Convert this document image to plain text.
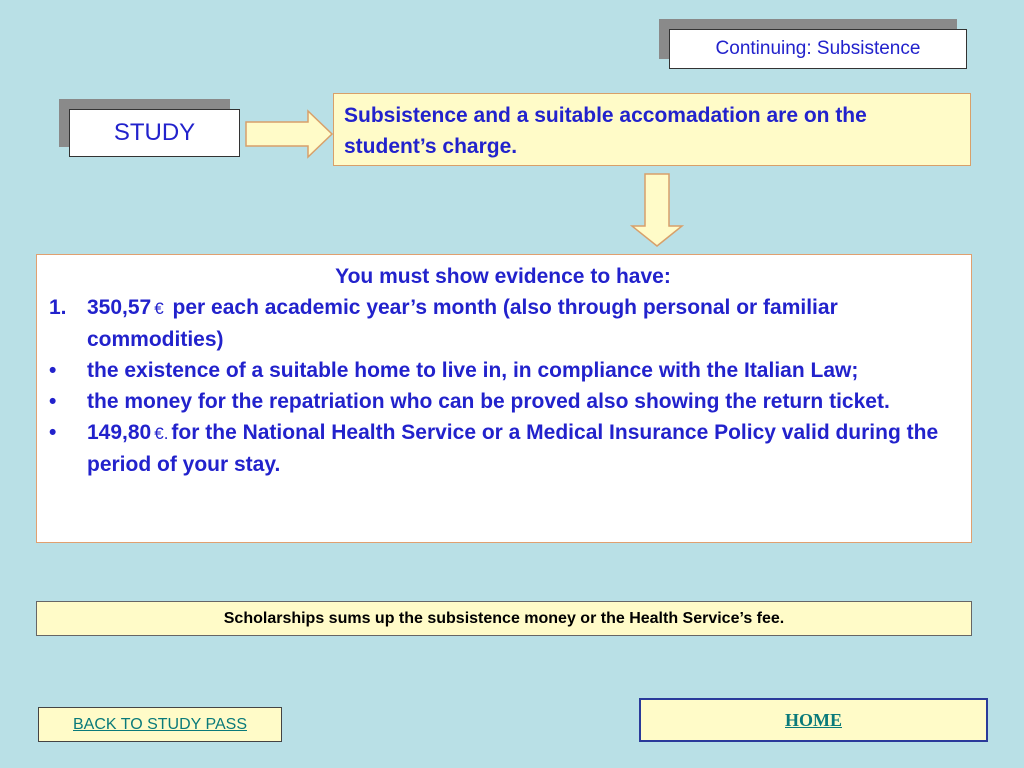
Continuing: Subsistence
STUDY
Subsistence and a suitable accomadation are on the student’s charge.
You must show evidence to have:
1. 350,57 € per each academic year’s month (also through personal or familiar commodities)
•	the existence of a suitable home to live in, in compliance with the Italian Law;
•	the money for the repatriation who can be proved also showing the return ticket.
•	149,80 €. for the National Health Service or a Medical Insurance Policy valid during the period of your stay.
Scholarships sums up the subsistence money or the Health Service’s fee.
BACK TO STUDY PASS	HOME
